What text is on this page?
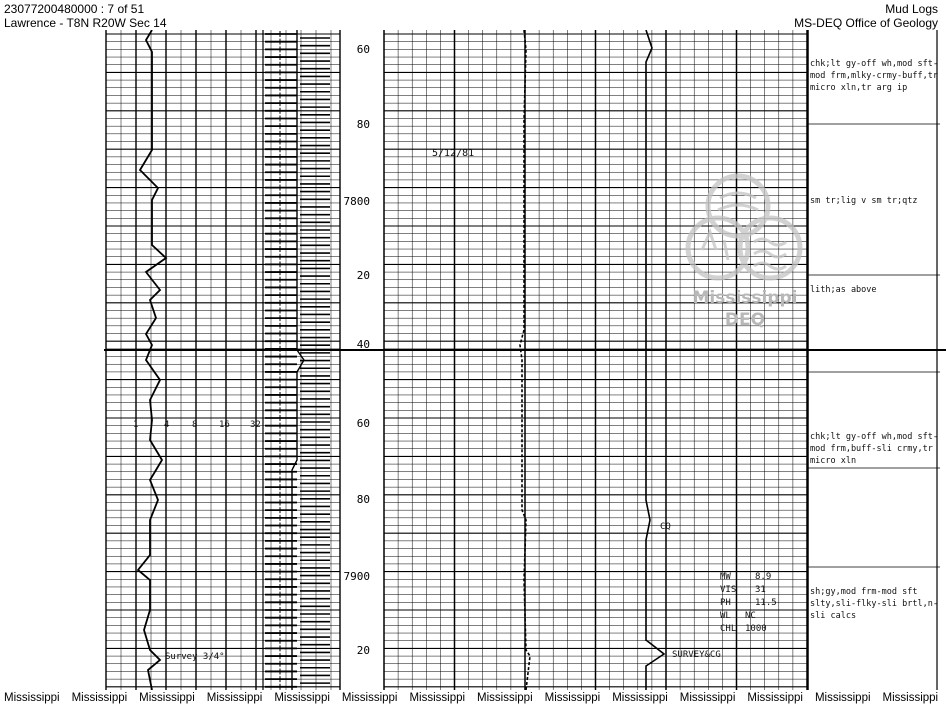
23077200480000 : 7 of 51
Lawrence - T8N R20W Sec 14
Mud Logs
MS-DEQ Office of Geology
60
80
7800
20
40
60
80
7900
20
1	4	8 16 32
5/12/81
CQ
Survey 3/4°	SURVEY&CG
MW	8.9
VIS 31
PH	11.5
WL NC
CHL 1000
chk;lt gy-off wh,mod sft-mod frm,mlky-crmy-buff,tr micro xln,tr arg ip
sm tr;lig v sm tr;qtz
lith;as above
chk;lt gy-off wh,mod sft-mod frm,buff-sli crmy,tr micro xln
sh;gy,mod frm-mod sft slty,sli-flky-sli brtl,n-sli calcs
Mississippi
DEQ
Mississippi	Mississippi	Mississippi	Mississippi	Mississippi	Mississippi	Mississippi	Mississippi	Mississippi	Mississippi	Mississippi	Mississippi	Mississippi	Mississippi
